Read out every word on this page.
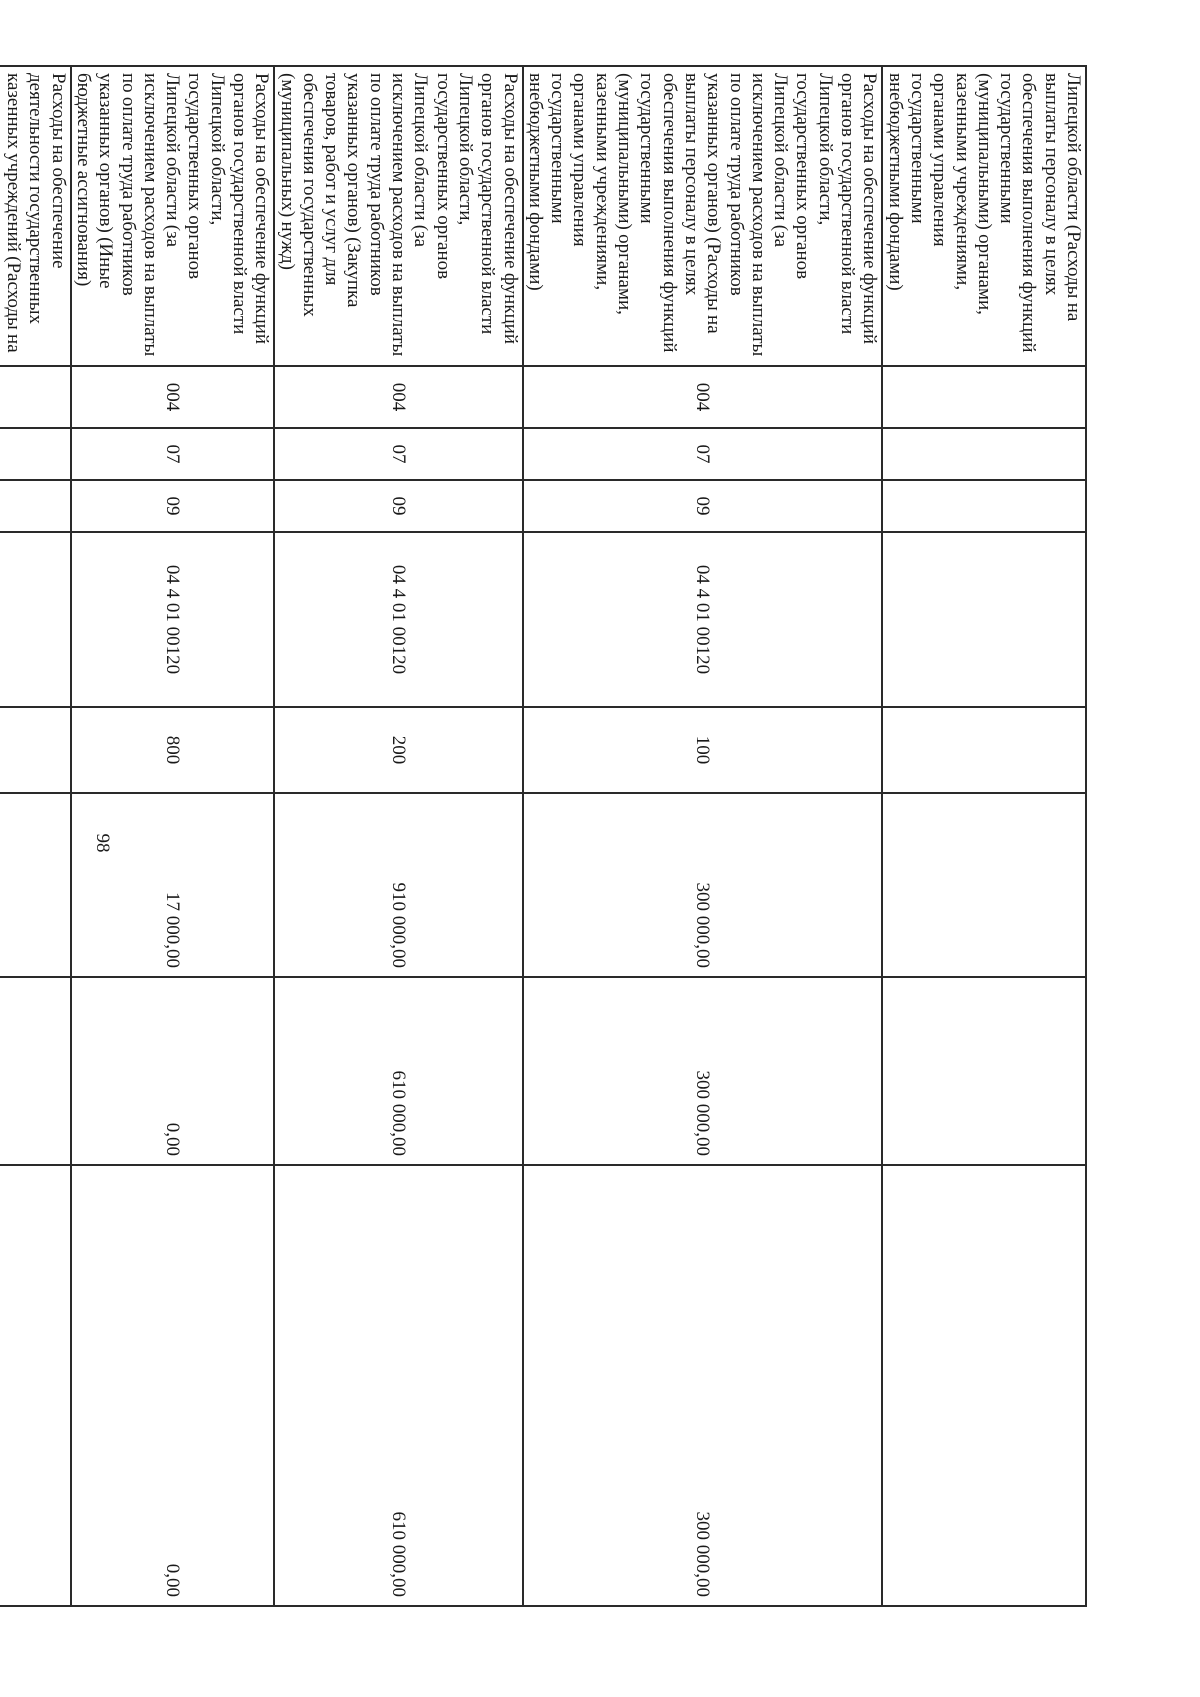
98
Липецкой области (Расходы на выплаты персоналу в целях обеспечения выполнения функций государственными (муниципальными) органами, казенными учреждениями, органами управления государственными внебюджетными фондами)	

Расходы на обеспечение функций органов государственной власти Липецкой области, государственных органов Липецкой области (за исключением расходов на выплаты по оплате труда работников указанных органов) (Расходы на выплаты персоналу в целях обеспечения выполнения функций государственными (муниципальными) органами, казенными учреждениями, органами управления государственными внебюджетными фондами)	004	07	09	04 4 01 00120	100	300 000,00	300 000,00	300 000,00

Расходы на обеспечение функций органов государственной власти Липецкой области, государственных органов Липецкой области (за исключением расходов на выплаты по оплате труда работников указанных органов) (Закупка товаров, работ и услуг для обеспечения государственных (муниципальных) нужд)	004	07	09	04 4 01 00120	200	910 000,00	610 000,00	610 000,00

Расходы на обеспечение функций органов государственной власти Липецкой области, государственных органов Липецкой области (за исключением расходов на выплаты по оплате труда работников указанных органов) (Иные бюджетные ассигнования)	004	07	09	04 4 01 00120	800	17 000,00	0,00	0,00

Расходы на обеспечение деятельности государственных казенных учреждений (Расходы на	
